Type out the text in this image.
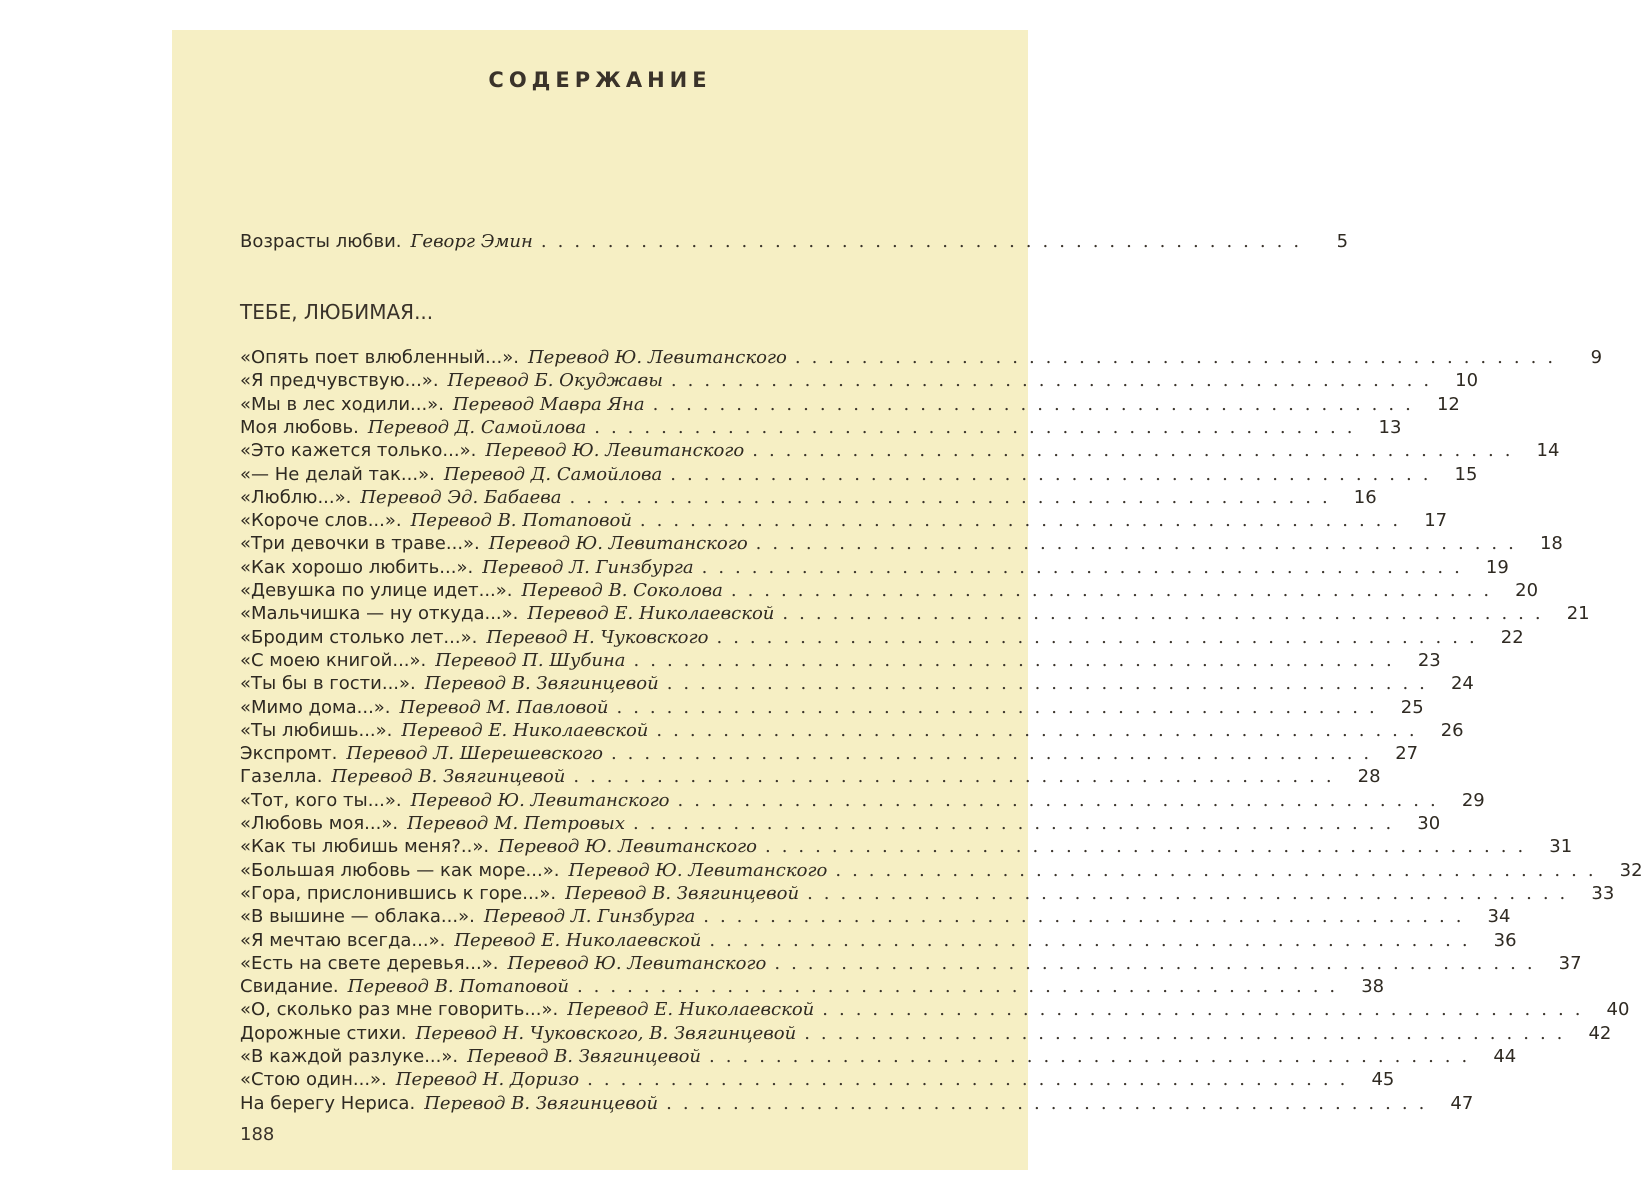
СОДЕРЖАНИЕ
Возрасты любви. Геворг Эмин ..............................................	5
ТЕБЕ, ЛЮБИМАЯ...
«Опять поет влюбленный...». Перевод Ю. Левитанского ..............................................	9
«Я предчувствую...». Перевод Б. Окуджавы .............................................. 10
«Мы в лес ходили...». Перевод Мавра Яна .............................................. 12
Моя любовь. Перевод Д. Самойлова .............................................. 13
«Это кажется только...». Перевод Ю. Левитанского .............................................. 14
«— Не делай так...». Перевод Д. Самойлова .............................................. 15
«Люблю...». Перевод Эд. Бабаева .............................................. 16
«Короче слов...». Перевод В. Потаповой .............................................. 17
«Три девочки в траве...». Перевод Ю. Левитанского .............................................. 18
«Как хорошо любить...». Перевод Л. Гинзбурга .............................................. 19
«Девушка по улице идет...». Перевод В. Соколова .............................................. 20
«Мальчишка — ну откуда...». Перевод Е. Николаевской .............................................. 21
«Бродим столько лет...». Перевод Н. Чуковского .............................................. 22
«С моею книгой...». Перевод П. Шубина .............................................. 23
«Ты бы в гости...». Перевод В. Звягинцевой .............................................. 24
«Мимо дома...». Перевод М. Павловой .............................................. 25
«Ты любишь...». Перевод Е. Николаевской .............................................. 26
Экспромт. Перевод Л. Шерешевского .............................................. 27
Газелла. Перевод В. Звягинцевой .............................................. 28
«Тот, кого ты...». Перевод Ю. Левитанского .............................................. 29
«Любовь моя...». Перевод М. Петровых .............................................. 30
«Как ты любишь меня?..». Перевод Ю. Левитанского .............................................. 31
«Большая любовь — как море...». Перевод Ю. Левитанского .............................................. 32
«Гора, прислонившись к горе...». Перевод В. Звягинцевой .............................................. 33
«В вышине — облака...». Перевод Л. Гинзбурга .............................................. 34
«Я мечтаю всегда...». Перевод Е. Николаевской .............................................. 36
«Есть на свете деревья...». Перевод Ю. Левитанского .............................................. 37
Свидание. Перевод В. Потаповой .............................................. 38
«О, сколько раз мне говорить...». Перевод Е. Николаевской .............................................. 40
Дорожные стихи. Перевод Н. Чуковского, В. Звягинцевой .............................................. 42
«В каждой разлуке...». Перевод В. Звягинцевой .............................................. 44
«Стою один...». Перевод Н. Доризо .............................................. 45
На берегу Нериса. Перевод В. Звягинцевой .............................................. 47
188
